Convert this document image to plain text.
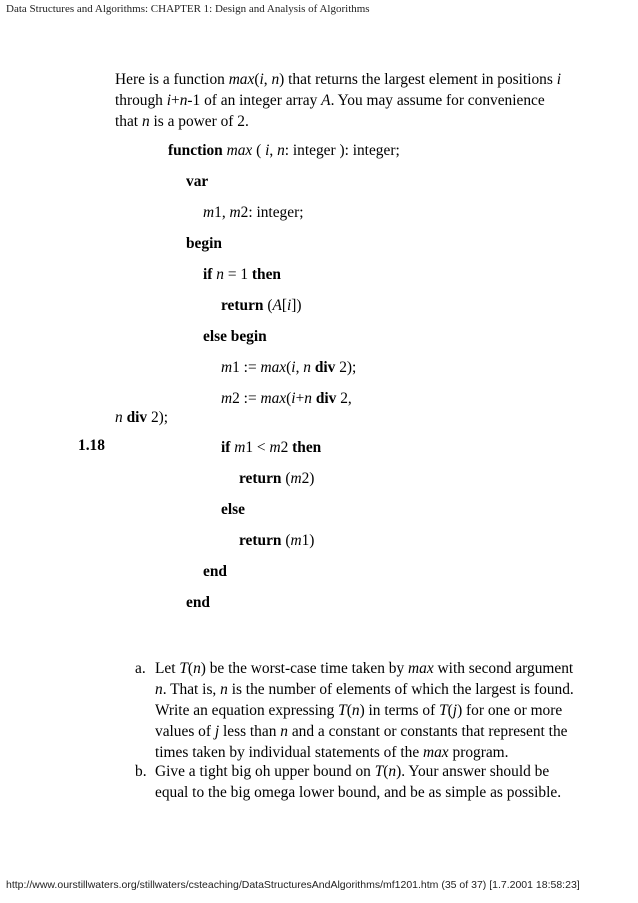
Data Structures and Algorithms: CHAPTER 1: Design and Analysis of Algorithms
Here is a function max(i, n) that returns the largest element in positions i through i+n-1 of an integer array A. You may assume for convenience that n is a power of 2.
function max ( i, n: integer ): integer;
var
m1, m2: integer;
begin
if n = 1 then
return (A[i])
else begin
m1 := max(i, n div 2);
m2 := max(i+n div 2,
n div 2);
1.18	if m1 < m2 then
return (m2)
else
return (m1)
end
end
a. Let T(n) be the worst-case time taken by max with second argument n. That is, n is the number of elements of which the largest is found. Write an equation expressing T(n) in terms of T(j) for one or more values of j less than n and a constant or constants that represent the times taken by individual statements of the max program.
b. Give a tight big oh upper bound on T(n). Your answer should be equal to the big omega lower bound, and be as simple as possible.
http://www.ourstillwaters.org/stillwaters/csteaching/DataStructuresAndAlgorithms/mf1201.htm (35 of 37) [1.7.2001 18:58:23]
